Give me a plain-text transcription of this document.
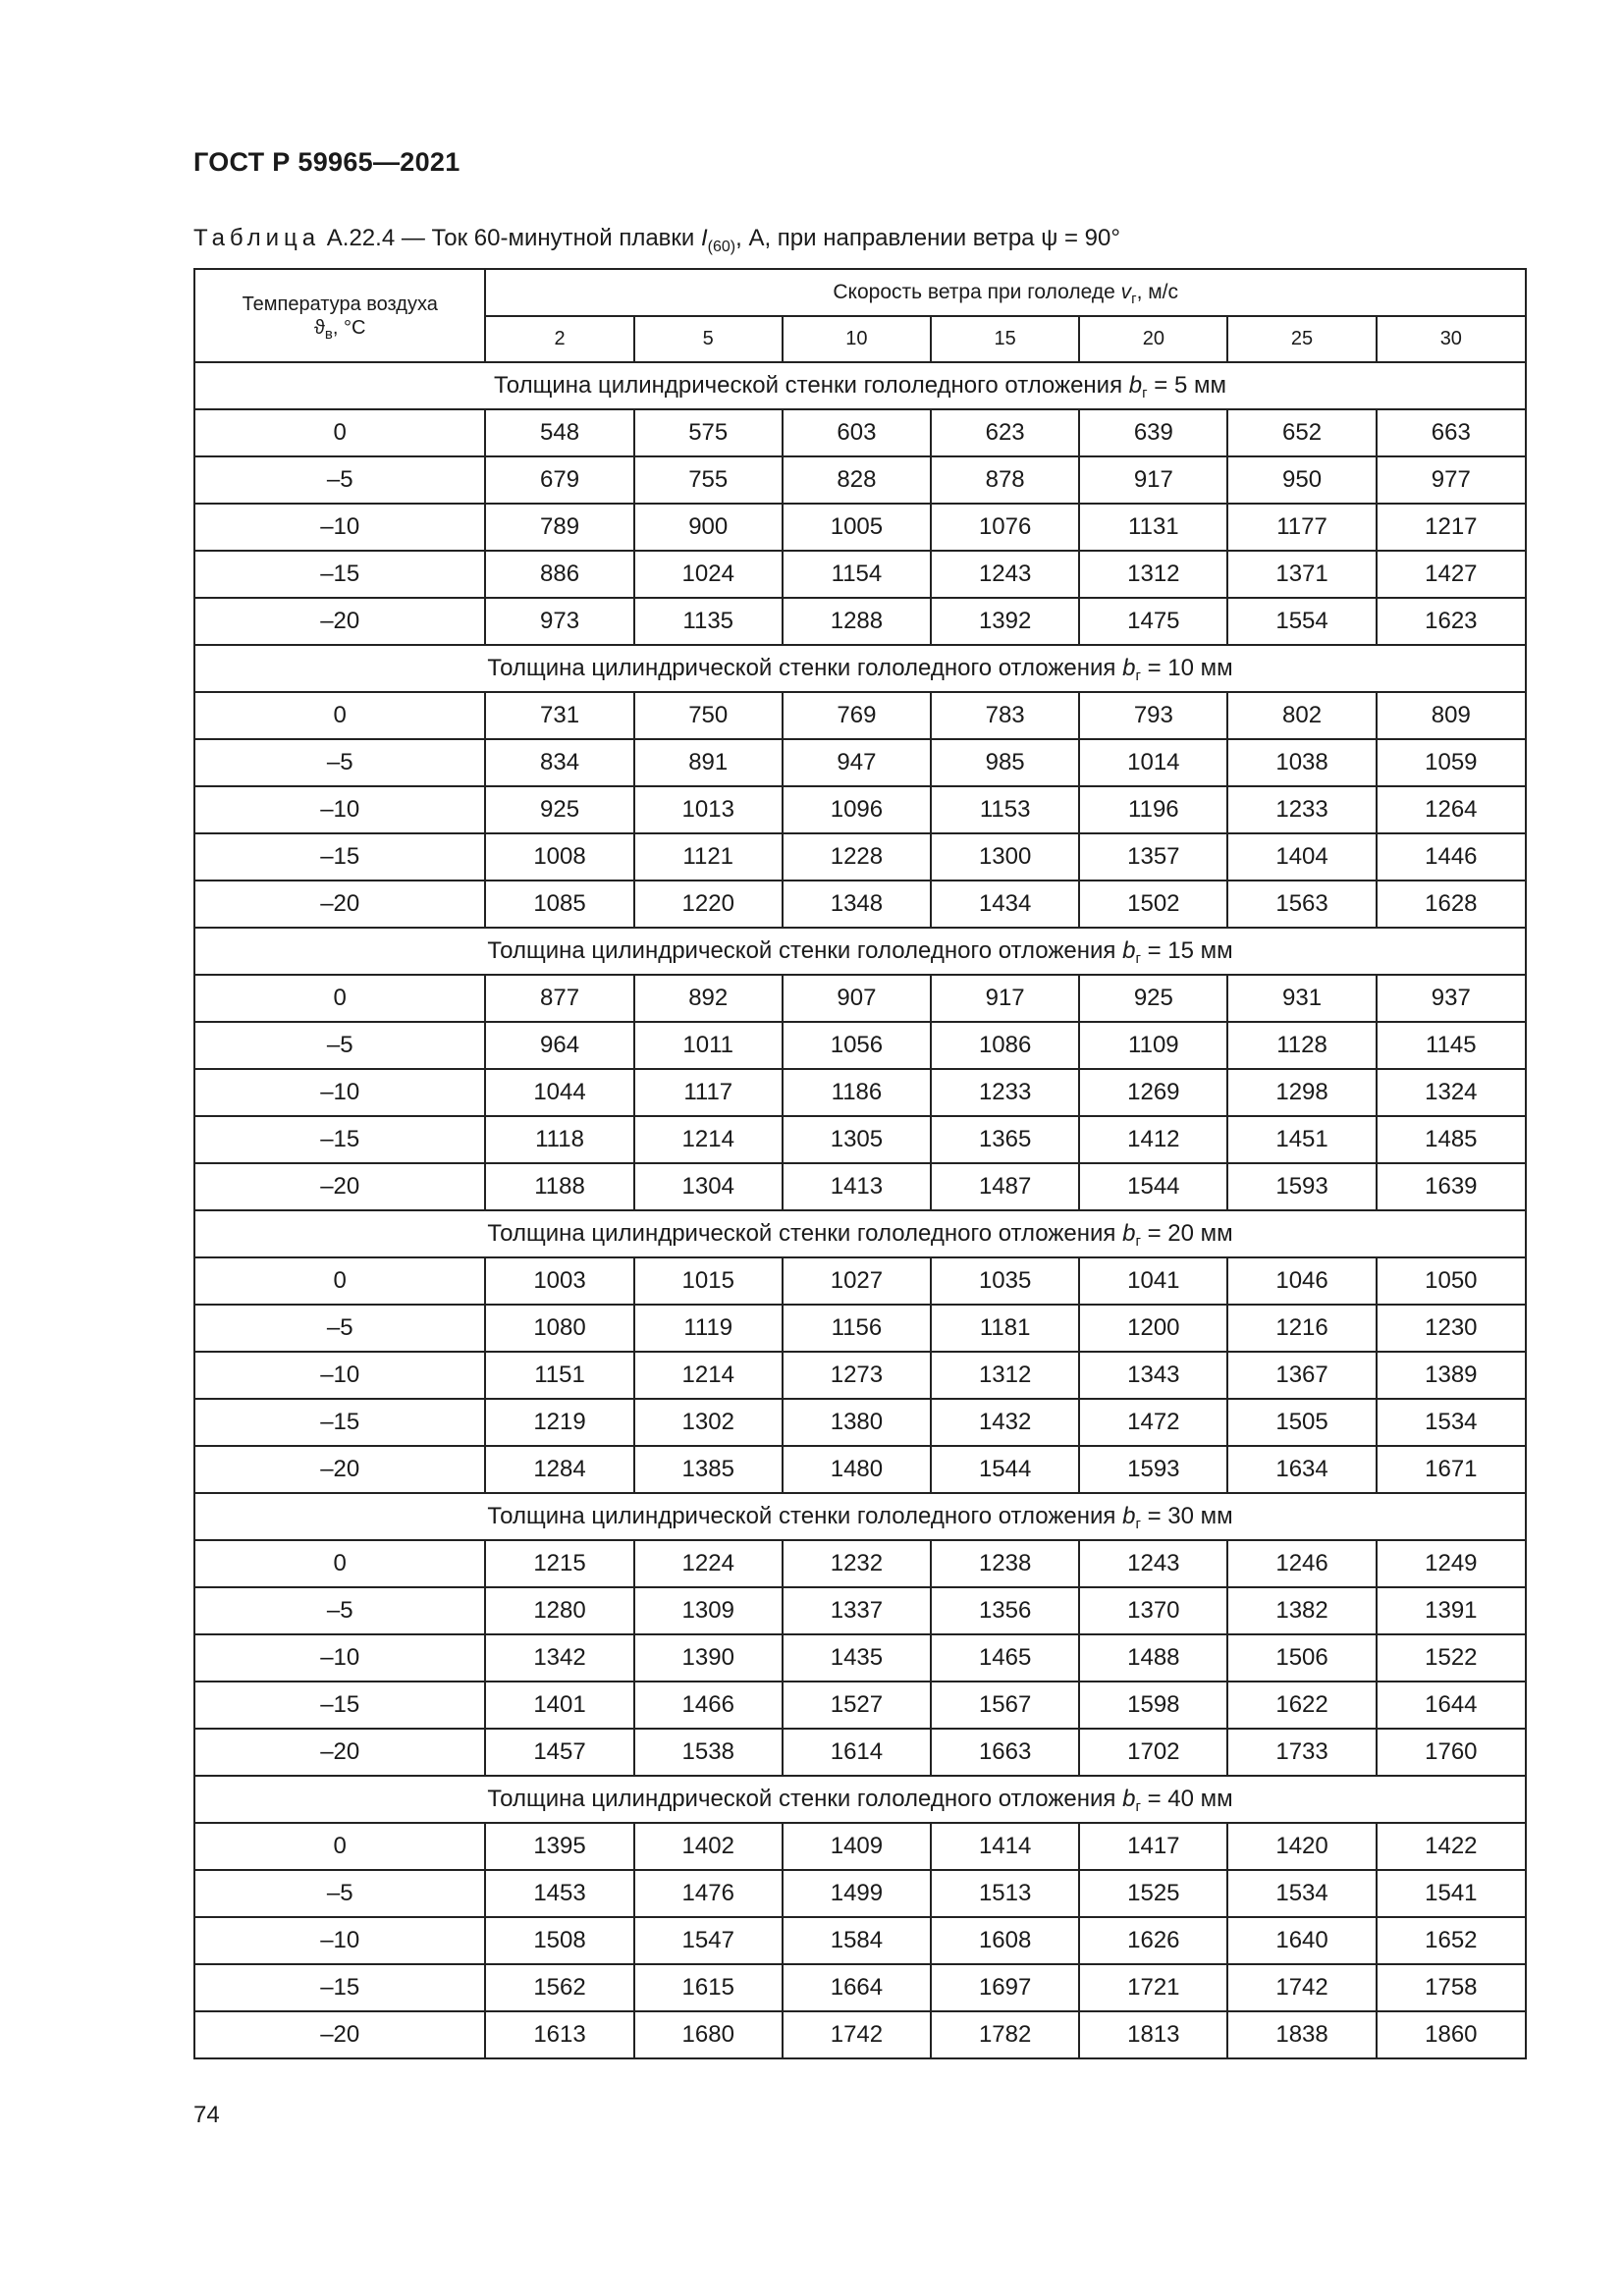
ГОСТ Р 59965—2021
Таблица А.22.4 — Ток 60-минутной плавки $I_{(60)}$, А, при направлении ветра ψ = 90°
Температура воздуха
$ϑ_в$, °С	Скорость ветра при гололеде $v_г$, м/с						
	2	5	10	15	20	25	30
Толщина цилиндрической стенки гололедного отложения $b_г = 5$ мм							
0	548	575	603	623	639	652	663
–5	679	755	828	878	917	950	977
–10	789	900	1005	1076	1131	1177	1217
–15	886	1024	1154	1243	1312	1371	1427
–20	973	1135	1288	1392	1475	1554	1623
Толщина цилиндрической стенки гололедного отложения $b_г = 10$ мм							
0	731	750	769	783	793	802	809
–5	834	891	947	985	1014	1038	1059
–10	925	1013	1096	1153	1196	1233	1264
–15	1008	1121	1228	1300	1357	1404	1446
–20	1085	1220	1348	1434	1502	1563	1628
Толщина цилиндрической стенки гололедного отложения $b_г = 15$ мм							
0	877	892	907	917	925	931	937
–5	964	1011	1056	1086	1109	1128	1145
–10	1044	1117	1186	1233	1269	1298	1324
–15	1118	1214	1305	1365	1412	1451	1485
–20	1188	1304	1413	1487	1544	1593	1639
Толщина цилиндрической стенки гололедного отложения $b_г = 20$ мм							
0	1003	1015	1027	1035	1041	1046	1050
–5	1080	1119	1156	1181	1200	1216	1230
–10	1151	1214	1273	1312	1343	1367	1389
–15	1219	1302	1380	1432	1472	1505	1534
–20	1284	1385	1480	1544	1593	1634	1671
Толщина цилиндрической стенки гололедного отложения $b_г = 30$ мм							
0	1215	1224	1232	1238	1243	1246	1249
–5	1280	1309	1337	1356	1370	1382	1391
–10	1342	1390	1435	1465	1488	1506	1522
–15	1401	1466	1527	1567	1598	1622	1644
–20	1457	1538	1614	1663	1702	1733	1760
Толщина цилиндрической стенки гололедного отложения $b_г = 40$ мм							
0	1395	1402	1409	1414	1417	1420	1422
–5	1453	1476	1499	1513	1525	1534	1541
–10	1508	1547	1584	1608	1626	1640	1652
–15	1562	1615	1664	1697	1721	1742	1758
–20	1613	1680	1742	1782	1813	1838	1860
74
